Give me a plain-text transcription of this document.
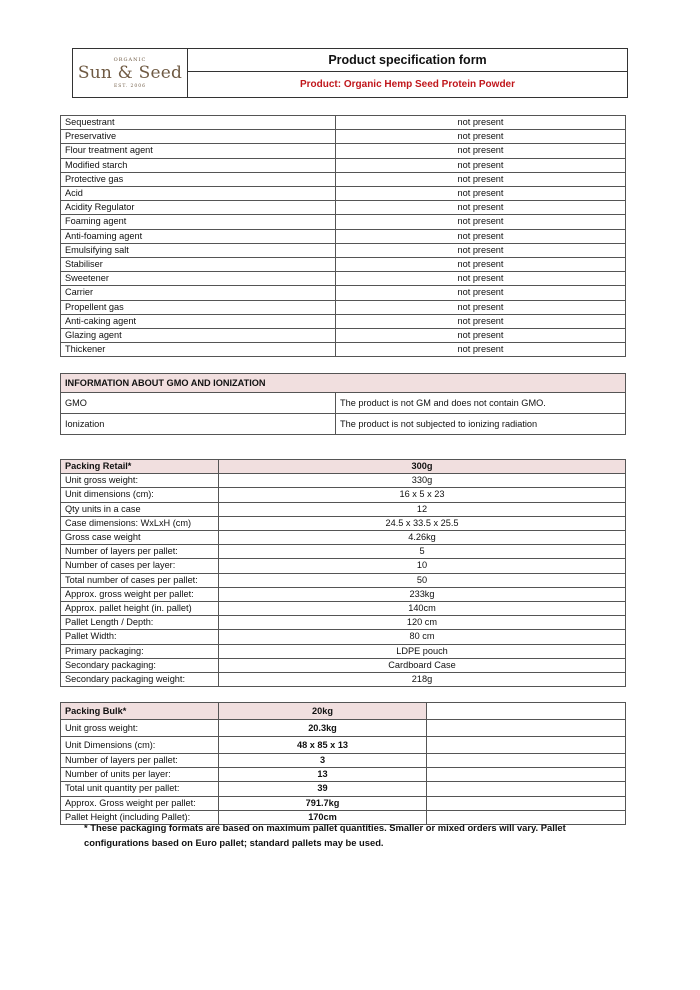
ORGANIC
Sun & Seed
EST. 2006
Product specification form
Product: Organic Hemp Seed Protein Powder
Sequestrant	not present
Preservative	not present
Flour treatment agent	not present
Modified starch	not present
Protective gas	not present
Acid	not present
Acidity Regulator	not present
Foaming agent	not present
Anti-foaming agent	not present
Emulsifying salt	not present
Stabiliser	not present
Sweetener	not present
Carrier	not present
Propellent gas	not present
Anti-caking agent	not present
Glazing agent	not present
Thickener	not present
INFORMATION ABOUT GMO AND IONIZATION	
GMO	The product is not GM and does not contain GMO.
Ionization	The product is not subjected to ionizing radiation
Packing Retail*	300g
Unit gross weight:	330g
Unit dimensions (cm):	16 x 5 x 23
Qty units in a case	12
Case dimensions: WxLxH (cm)	24.5 x 33.5 x 25.5
Gross case weight	4.26kg
Number of layers per pallet:	5
Number of cases per layer:	10
Total number of cases per pallet:	50
Approx. gross weight per pallet:	233kg
Approx. pallet height (in. pallet)	140cm
Pallet Length / Depth:	120 cm
Pallet Width:	80 cm
Primary packaging:	LDPE pouch
Secondary packaging:	Cardboard Case
Secondary packaging weight:	218g
Packing Bulk*	20kg	
Unit gross weight:	20.3kg	
Unit Dimensions (cm):	48 x 85 x 13	
Number of layers per pallet:	3	
Number of units per layer:	13	
Total unit quantity per pallet:	39	
Approx. Gross weight per pallet:	791.7kg	
Pallet Height (including Pallet):	170cm	
* These packaging formats are based on maximum pallet quantities. Smaller or mixed orders will vary. Pallet configurations based on Euro pallet; standard pallets may be used.
